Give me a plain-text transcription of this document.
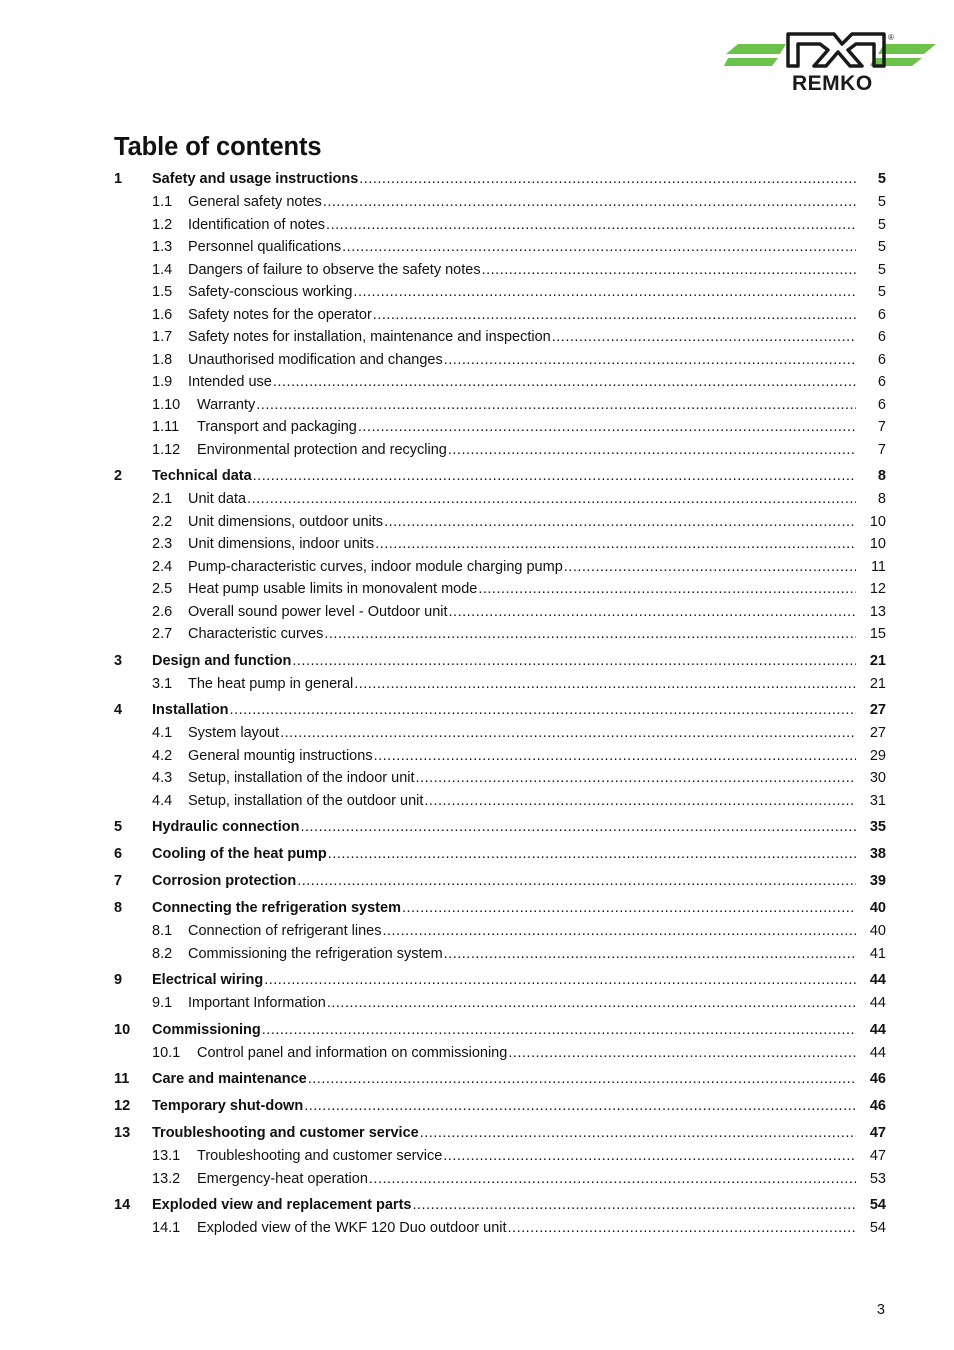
®
REMKO
Table of contents
1 Safety and usage instructions .....	5
1.1 General safety notes .....	5
1.2 Identification of notes .....	5
1.3 Personnel qualifications .....	5
1.4 Dangers of failure to observe the safety notes .....	5
1.5 Safety-conscious working .....	5
1.6 Safety notes for the operator .....	6
1.7 Safety notes for installation, maintenance and inspection .....	6
1.8 Unauthorised modification and changes .....	6
1.9 Intended use .....	6
1.10 Warranty .....	6
1.11 Transport and packaging .....	7
1.12 Environmental protection and recycling .....	7
2 Technical data .....	8
2.1 Unit data .....	8
2.2 Unit dimensions, outdoor units .....	10
2.3 Unit dimensions, indoor units .....	10
2.4 Pump-characteristic curves, indoor module charging pump .....	11
2.5 Heat pump usable limits in monovalent mode .....	12
2.6 Overall sound power level - Outdoor unit .....	13
2.7 Characteristic curves .....	15
3 Design and function .....	21
3.1 The heat pump in general .....	21
4 Installation .....	27
4.1 System layout .....	27
4.2 General mountig instructions .....	29
4.3 Setup, installation of the indoor unit .....	30
4.4 Setup, installation of the outdoor unit .....	31
5 Hydraulic connection .....	35
6 Cooling of the heat pump .....	38
7 Corrosion protection .....	39
8 Connecting the refrigeration system .....	40
8.1 Connection of refrigerant lines .....	40
8.2 Commissioning the refrigeration system .....	41
9 Electrical wiring .....	44
9.1 Important Information .....	44
10 Commissioning .....	44
10.1 Control panel and information on commissioning .....	44
11 Care and maintenance .....	46
12 Temporary shut-down .....	46
13 Troubleshooting and customer service .....	47
13.1 Troubleshooting and customer service .....	47
13.2 Emergency-heat operation .....	53
14 Exploded view and replacement parts .....	54
14.1 Exploded view of the WKF 120 Duo outdoor unit .....	54
3
